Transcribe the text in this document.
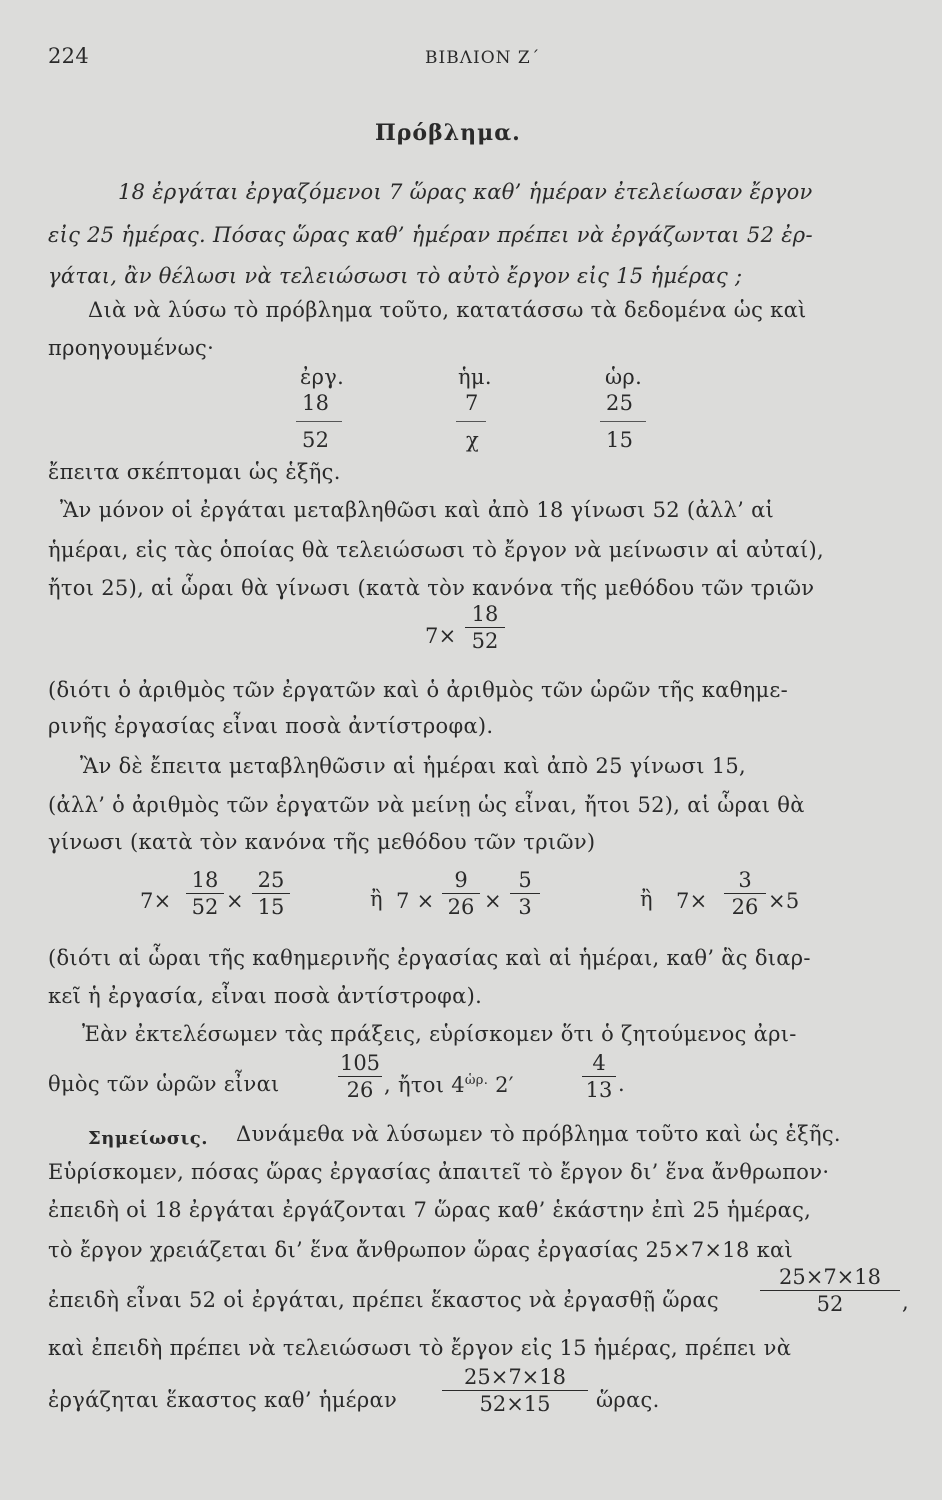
224	ΒΙΒΛΙΟΝ Ζ΄
Πρόβλημα.
18 ἐργάται ἐργαζόμενοι 7 ὥρας καθ’ ἡμέραν ἐτελείωσαν ἔργον
εἰς 25 ἡμέρας. Πόσας ὥρας καθ’ ἡμέραν πρέπει νὰ ἐργάζωνται 52 ἐρ-
γάται, ἂν θέλωσι νὰ τελειώσωσι τὸ αὐτὸ ἔργον εἰς 15 ἡμέρας ;
Διὰ νὰ λύσω τὸ πρόβλημα τοῦτο, κατατάσσω τὰ δεδομένα ὡς καὶ
προηγουμένως·
ἐργ.	ἡμ.	ὡρ.
18	7	25
52	χ	15
ἔπειτα σκέπτομαι ὡς ἑξῆς.
Ἂν μόνον οἱ ἐργάται μεταβληθῶσι καὶ ἀπὸ 18 γίνωσι 52 (ἀλλ’ αἱ
ἡμέραι, εἰς τὰς ὁποίας θὰ τελειώσωσι τὸ ἔργον νὰ μείνωσιν αἱ αὐταί),
ἤτοι 25), αἱ ὧραι θὰ γίνωσι (κατὰ τὸν κανόνα τῆς μεθόδου τῶν τριῶν
7×
18
52
(διότι ὁ ἀριθμὸς τῶν ἐργατῶν καὶ ὁ ἀριθμὸς τῶν ὡρῶν τῆς καθημε-
ρινῆς ἐργασίας εἶναι ποσὰ ἀντίστροφα).
Ἂν δὲ ἔπειτα μεταβληθῶσιν αἱ ἡμέραι καὶ ἀπὸ 25 γίνωσι 15,
(ἀλλ’ ὁ ἀριθμὸς τῶν ἐργατῶν νὰ μείνῃ ὡς εἶναι, ἤτοι 52), αἱ ὧραι θὰ
γίνωσι (κατὰ τὸν κανόνα τῆς μεθόδου τῶν τριῶν)
7×
18
52 ×
25
15	ἢ 7 ×
9
26 ×
5
3	ἢ 7×
3
26 ×5
(διότι αἱ ὧραι τῆς καθημερινῆς ἐργασίας καὶ αἱ ἡμέραι, καθ’ ἃς διαρ-
κεῖ ἡ ἐργασία, εἶναι ποσὰ ἀντίστροφα).
Ἐὰν ἐκτελέσωμεν τὰς πράξεις, εὑρίσκομεν ὅτι ὁ ζητούμενος ἀρι-
θμὸς τῶν ὡρῶν εἶναι
105
26 , ἤτοι $4^{ὡ\rho.}$ 2′
4
13 .
Σημείωσις. Δυνάμεθα νὰ λύσωμεν τὸ πρόβλημα τοῦτο καὶ ὡς ἑξῆς.
Εὑρίσκομεν, πόσας ὥρας ἐργασίας ἀπαιτεῖ τὸ ἔργον δι’ ἕνα ἄνθρωπον·
ἐπειδὴ οἱ 18 ἐργάται ἐργάζονται 7 ὥρας καθ’ ἑκάστην ἐπὶ 25 ἡμέρας,
τὸ ἔργον χρειάζεται δι’ ἕνα ἄνθρωπον ὥρας ἐργασίας 25×7×18 καὶ
ἐπειδὴ εἶναι 52 οἱ ἐργάται, πρέπει ἕκαστος νὰ ἐργασθῇ ὥρας
25×7×18
52	,
καὶ ἐπειδὴ πρέπει νὰ τελειώσωσι τὸ ἔργον εἰς 15 ἡμέρας, πρέπει νὰ
ἐργάζηται ἕκαστος καθ’ ἡμέραν
25×7×18
52×15	ὥρας.
